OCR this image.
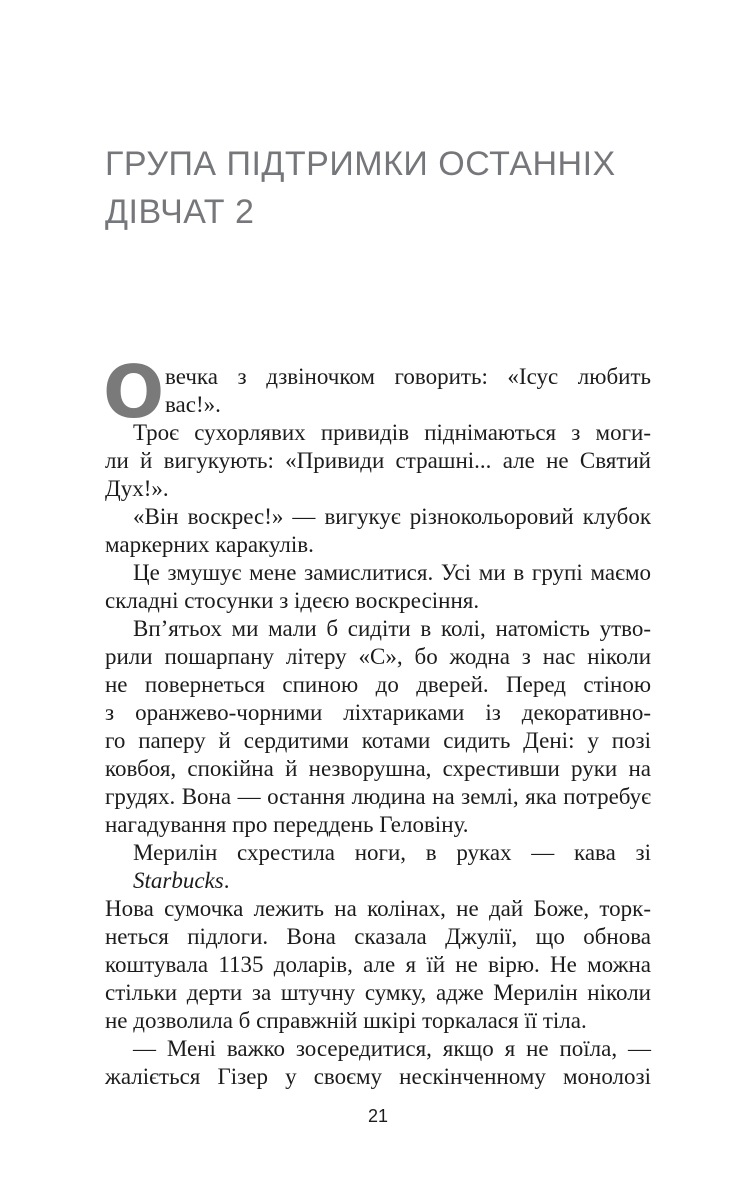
ГРУПА ПІДТРИМКИ ОСТАННІХ
ДІВЧАТ 2
О вечка з дзвіночком говорить: «Ісус любить
вас!».
Троє сухорлявих привидів піднімаються з моги-
ли й вигукують: «Привиди страшні... але не Святий
Дух!».
«Він воскрес!» — вигукує різнокольоровий клубок
маркерних каракулів.
Це змушує мене замислитися. Усі ми в групі маємо
складні стосунки з ідеєю воскресіння.
Вп’ятьох ми мали б сидіти в колі, натомість утво-
рили пошарпану літеру «С», бо жодна з нас ніколи
не повернеться спиною до дверей. Перед стіною
з оранжево-чорними ліхтариками із декоративно-
го паперу й сердитими котами сидить Дені: у позі
ковбоя, спокійна й незворушна, схрестивши руки на
грудях. Вона — остання людина на землі, яка потребує
нагадування про переддень Геловіну.
Мерилін схрестила ноги, в руках — кава зі Starbucks.
Нова сумочка лежить на колінах, не дай Боже, торк-
неться підлоги. Вона сказала Джулії, що обнова
коштувала 1135 доларів, але я їй не вірю. Не можна
стільки дерти за штучну сумку, адже Мерилін ніколи
не дозволила б справжній шкірі торкалася її тіла.
— Мені важко зосередитися, якщо я не поїла, —
жаліється Гізер у своєму нескінченному монолозі
21
